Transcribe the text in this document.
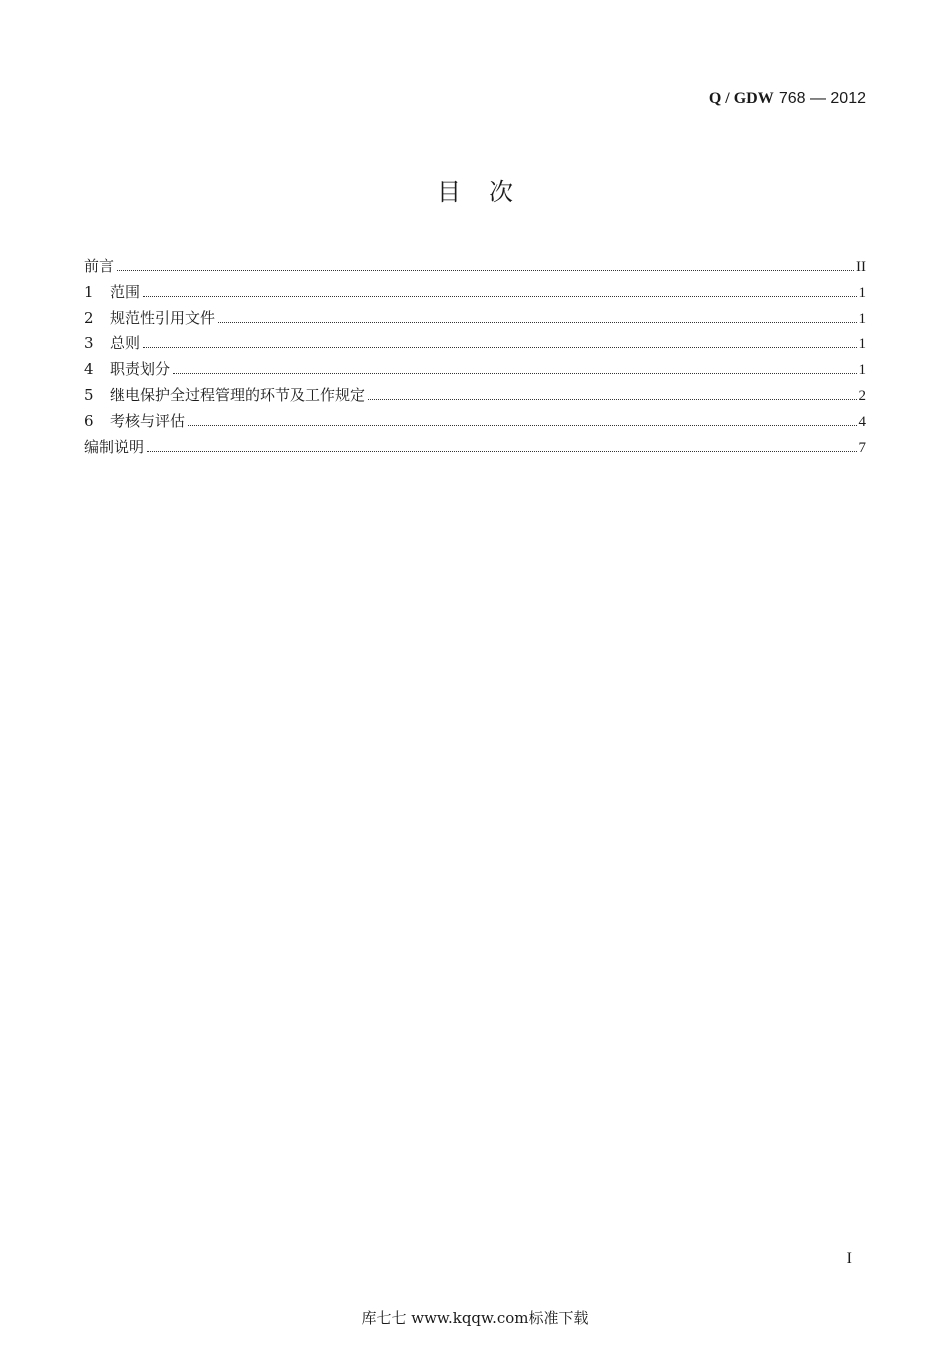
Q / GDW 768 — 2012
目次
前言	II
1	范围	1
2	规范性引用文件	1
3	总则	1
4	职责划分	1
5	继电保护全过程管理的环节及工作规定	2
6	考核与评估	4
编制说明	7
I
库七七 www.kqqw.com标准下载
